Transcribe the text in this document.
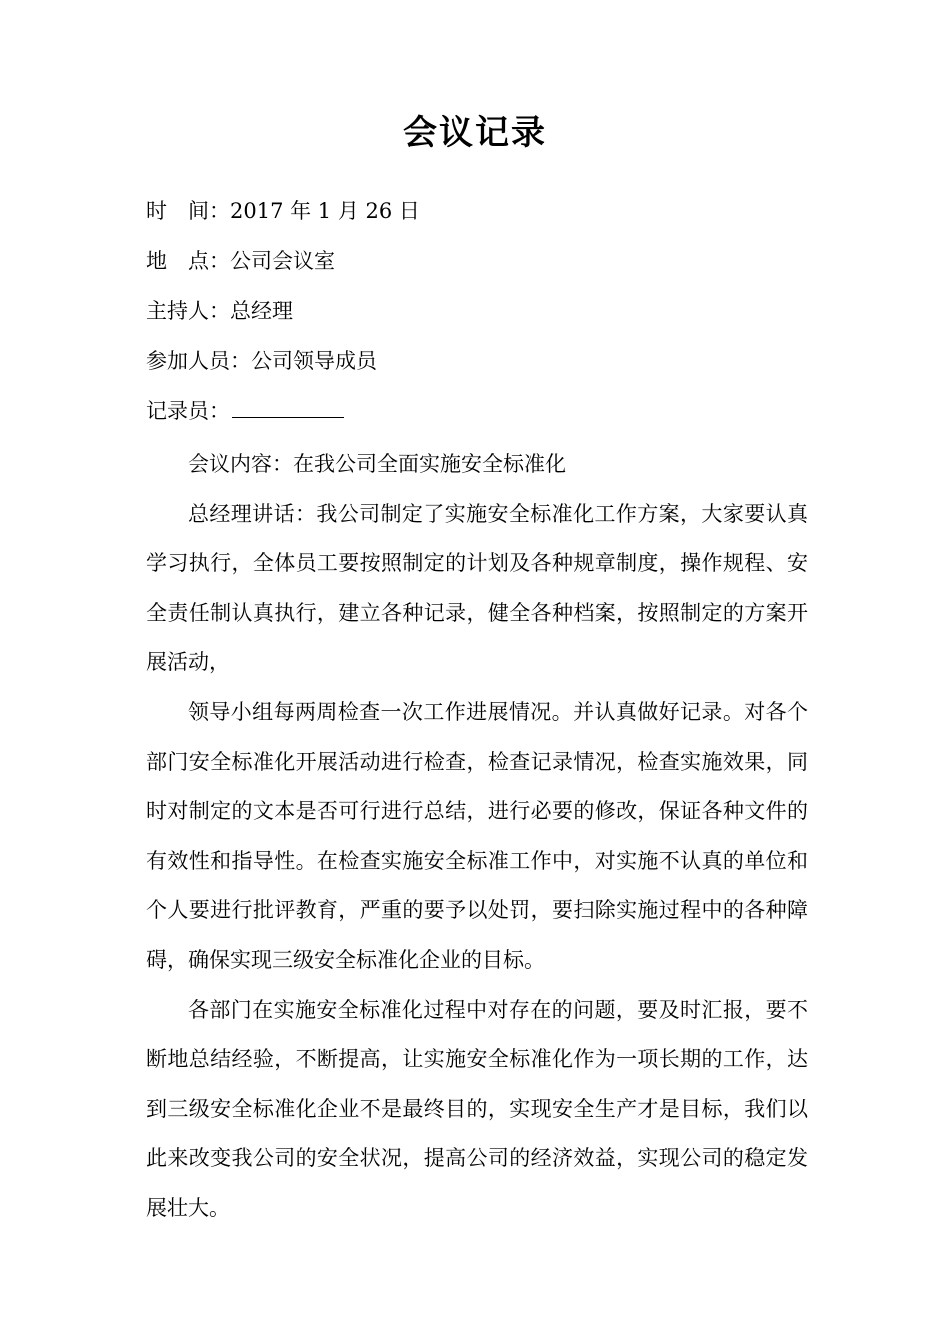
会议记录
时　间：2017 年 1 月 26 日
地　点：公司会议室
主持人：总经理
参加人员：公司领导成员
记录员：

会议内容：在我公司全面实施安全标准化

总经理讲话：我公司制定了实施安全标准化工作方案，大家要认真学习执行，全体员工要按照制定的计划及各种规章制度，操作规程、安全责任制认真执行，建立各种记录，健全各种档案，按照制定的方案开展活动，

领导小组每两周检查一次工作进展情况。并认真做好记录。对各个部门安全标准化开展活动进行检查，检查记录情况，检查实施效果，同时对制定的文本是否可行进行总结，进行必要的修改，保证各种文件的有效性和指导性。在检查实施安全标准工作中，对实施不认真的单位和个人要进行批评教育，严重的要予以处罚，要扫除实施过程中的各种障碍，确保实现三级安全标准化企业的目标。

各部门在实施安全标准化过程中对存在的问题，要及时汇报，要不断地总结经验，不断提高，让实施安全标准化作为一项长期的工作，达到三级安全标准化企业不是最终目的，实现安全生产才是目标，我们以此来改变我公司的安全状况，提高公司的经济效益，实现公司的稳定发展壮大。
